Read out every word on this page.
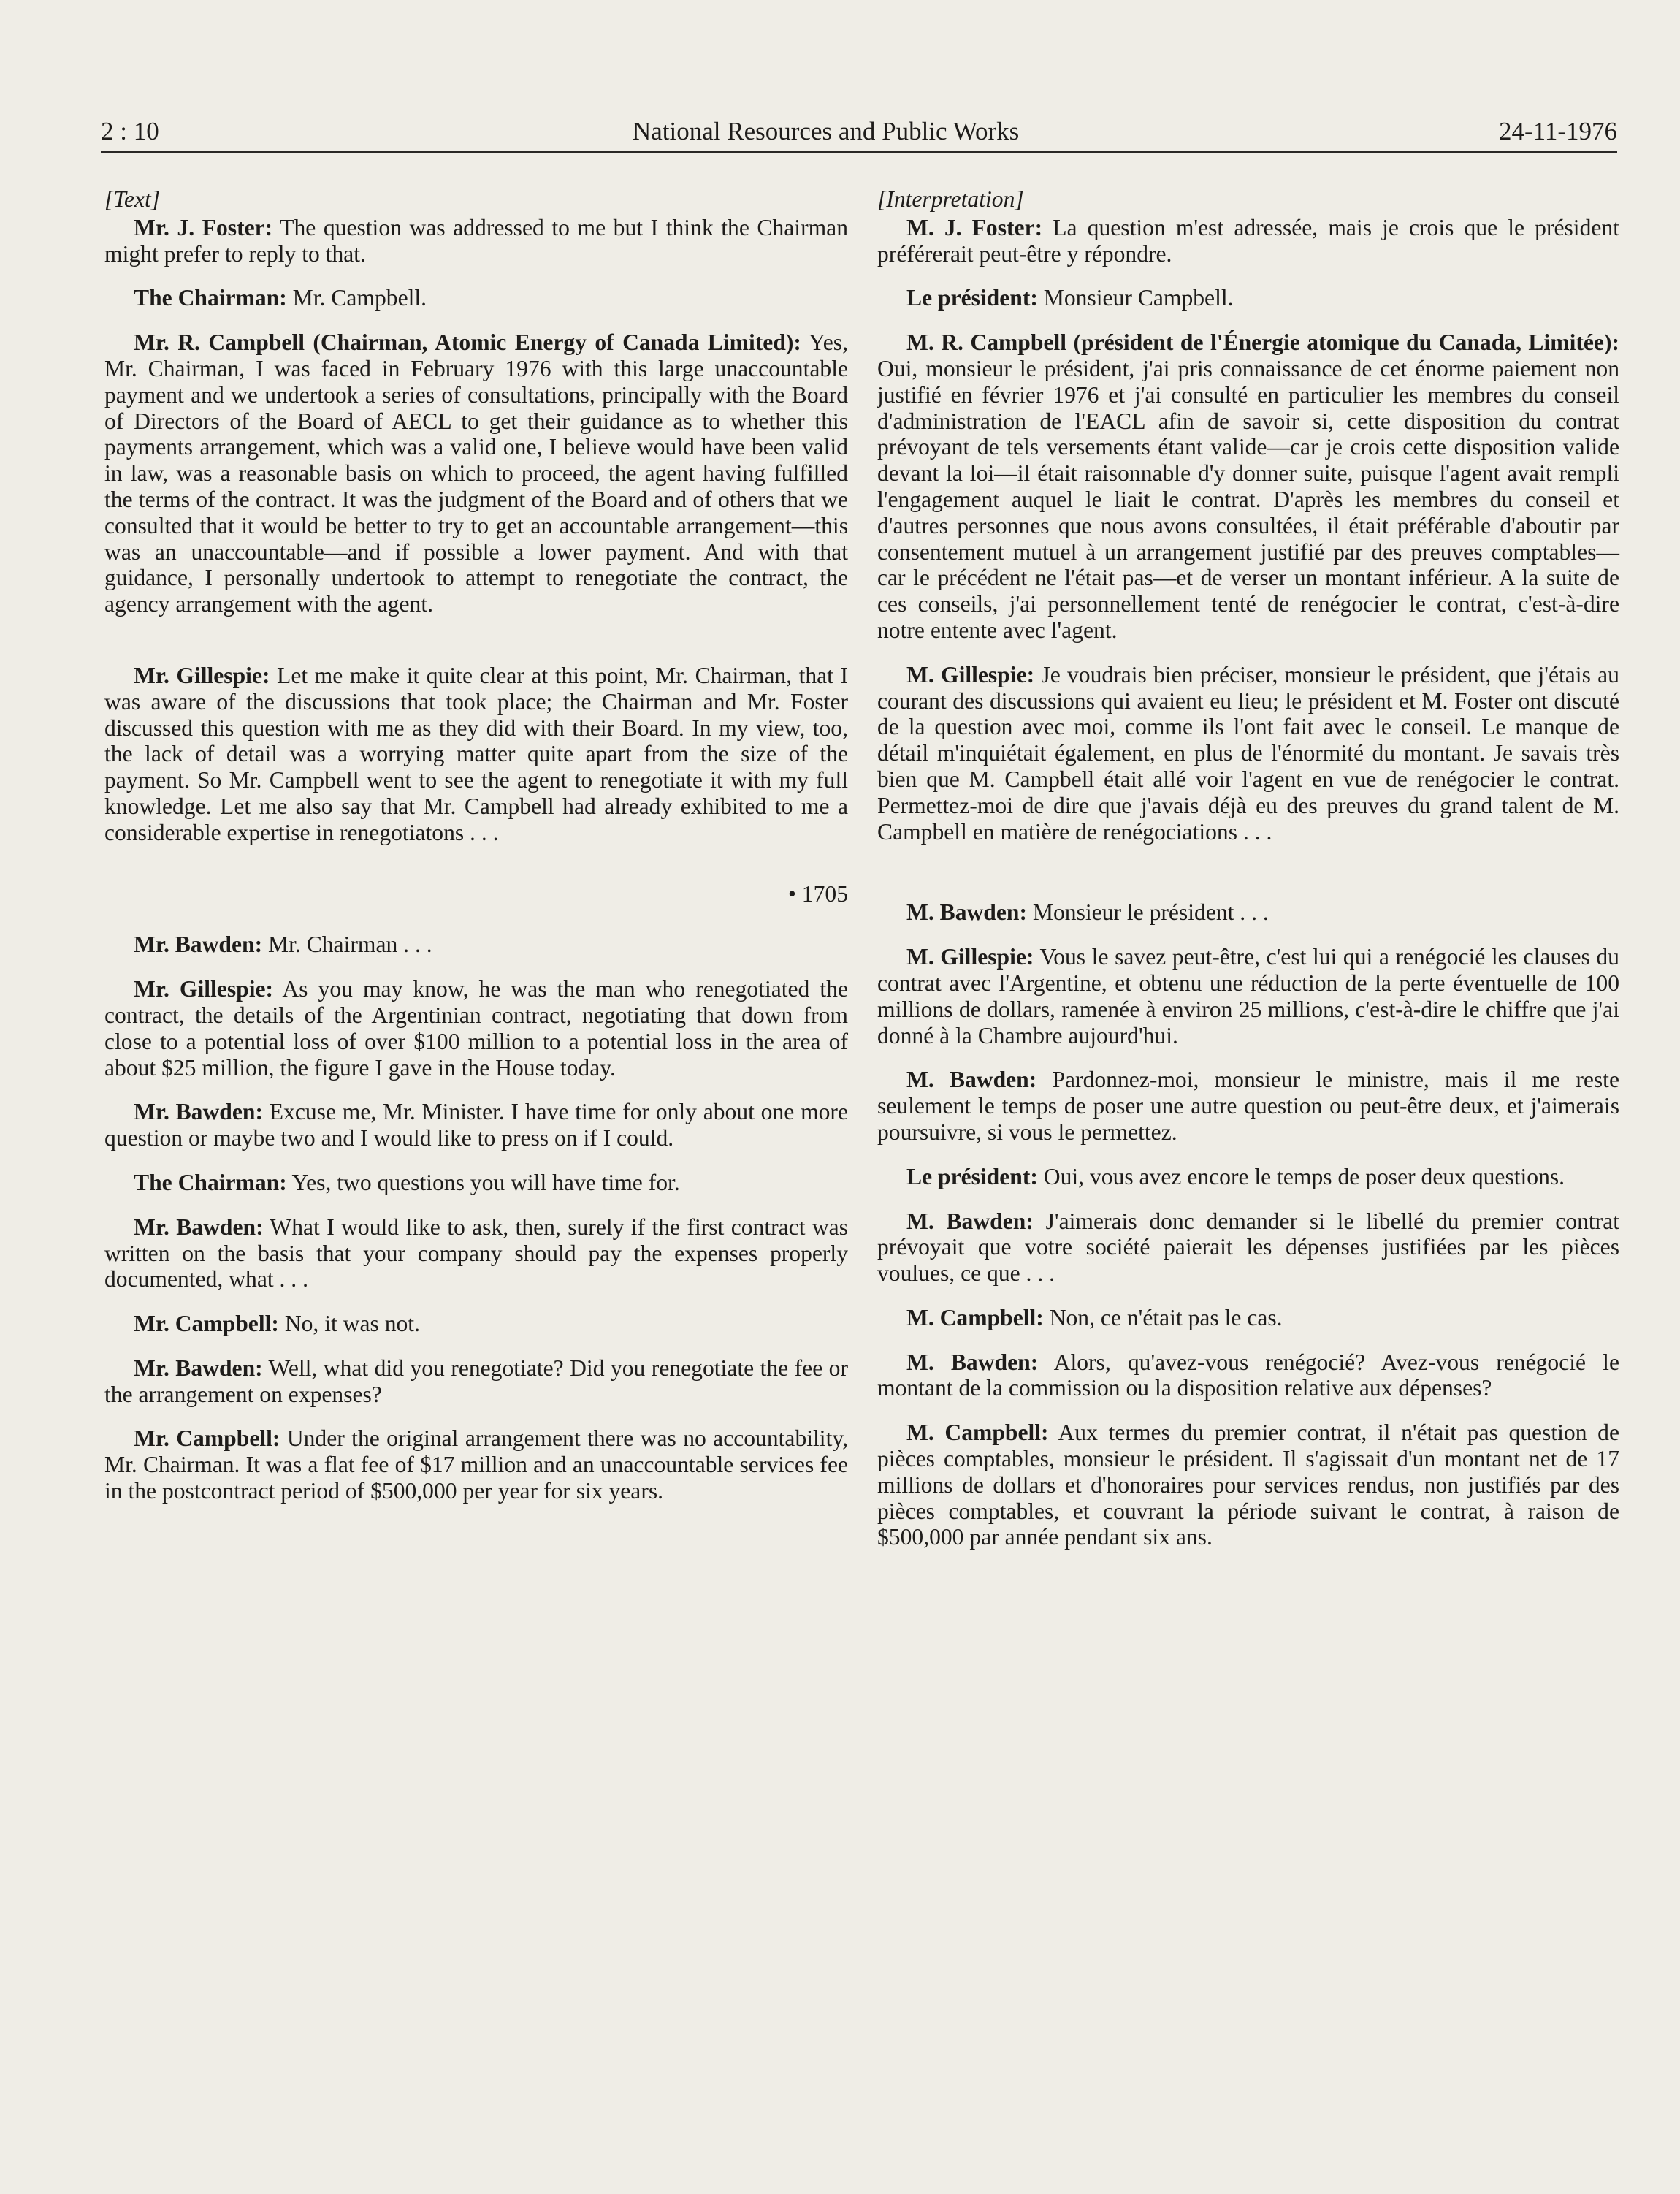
2 : 10	National Resources and Public Works	24-11-1976
[Text]

Mr. J. Foster: The question was addressed to me but I think the Chairman might prefer to reply to that.

The Chairman: Mr. Campbell.

Mr. R. Campbell (Chairman, Atomic Energy of Canada Limited): Yes, Mr. Chairman, I was faced in February 1976 with this large unaccountable payment and we undertook a series of consultations, principally with the Board of Directors of the Board of AECL to get their guidance as to whether this payments arrangement, which was a valid one, I believe would have been valid in law, was a reasonable basis on which to proceed, the agent having fulfilled the terms of the contract. It was the judgment of the Board and of others that we consulted that it would be better to try to get an accountable arrangement—this was an unaccountable—and if possible a lower payment. And with that guidance, I personally undertook to attempt to renegotiate the contract, the agency arrangement with the agent.

Mr. Gillespie: Let me make it quite clear at this point, Mr. Chairman, that I was aware of the discussions that took place; the Chairman and Mr. Foster discussed this question with me as they did with their Board. In my view, too, the lack of detail was a worrying matter quite apart from the size of the payment. So Mr. Campbell went to see the agent to renegotiate it with my full knowledge. Let me also say that Mr. Campbell had already exhibited to me a considerable expertise in renegotiatons . . .

• 1705

Mr. Bawden: Mr. Chairman . . .

Mr. Gillespie: As you may know, he was the man who renegotiated the contract, the details of the Argentinian contract, negotiating that down from close to a potential loss of over $100 million to a potential loss in the area of about $25 million, the figure I gave in the House today.

Mr. Bawden: Excuse me, Mr. Minister. I have time for only about one more question or maybe two and I would like to press on if I could.

The Chairman: Yes, two questions you will have time for.

Mr. Bawden: What I would like to ask, then, surely if the first contract was written on the basis that your company should pay the expenses properly documented, what . . .

Mr. Campbell: No, it was not.

Mr. Bawden: Well, what did you renegotiate? Did you renegotiate the fee or the arrangement on expenses?

Mr. Campbell: Under the original arrangement there was no accountability, Mr. Chairman. It was a flat fee of $17 million and an unaccountable services fee in the postcontract period of $500,000 per year for six years.

[Interpretation]

M. J. Foster: La question m'est adressée, mais je crois que le président préférerait peut-être y répondre.

Le président: Monsieur Campbell.

M. R. Campbell (président de l'Énergie atomique du Canada, Limitée): Oui, monsieur le président, j'ai pris connaissance de cet énorme paiement non justifié en février 1976 et j'ai consulté en particulier les membres du conseil d'administration de l'EACL afin de savoir si, cette disposition du contrat prévoyant de tels versements étant valide—car je crois cette disposition valide devant la loi—il était raisonnable d'y donner suite, puisque l'agent avait rempli l'engagement auquel le liait le contrat. D'après les membres du conseil et d'autres personnes que nous avons consultées, il était préférable d'aboutir par consentement mutuel à un arrangement justifié par des preuves comptables—car le précédent ne l'était pas—et de verser un montant inférieur. A la suite de ces conseils, j'ai personnellement tenté de renégocier le contrat, c'est-à-dire notre entente avec l'agent.

M. Gillespie: Je voudrais bien préciser, monsieur le président, que j'étais au courant des discussions qui avaient eu lieu; le président et M. Foster ont discuté de la question avec moi, comme ils l'ont fait avec le conseil. Le manque de détail m'inquiétait également, en plus de l'énormité du montant. Je savais très bien que M. Campbell était allé voir l'agent en vue de renégocier le contrat. Permettez-moi de dire que j'avais déjà eu des preuves du grand talent de M. Campbell en matière de renégociations . . .

M. Bawden: Monsieur le président . . .

M. Gillespie: Vous le savez peut-être, c'est lui qui a renégocié les clauses du contrat avec l'Argentine, et obtenu une réduction de la perte éventuelle de 100 millions de dollars, ramenée à environ 25 millions, c'est-à-dire le chiffre que j'ai donné à la Chambre aujourd'hui.

M. Bawden: Pardonnez-moi, monsieur le ministre, mais il me reste seulement le temps de poser une autre question ou peut-être deux, et j'aimerais poursuivre, si vous le permettez.

Le président: Oui, vous avez encore le temps de poser deux questions.

M. Bawden: J'aimerais donc demander si le libellé du premier contrat prévoyait que votre société paierait les dépenses justifiées par les pièces voulues, ce que . . .

M. Campbell: Non, ce n'était pas le cas.

M. Bawden: Alors, qu'avez-vous renégocié? Avez-vous renégocié le montant de la commission ou la disposition relative aux dépenses?

M. Campbell: Aux termes du premier contrat, il n'était pas question de pièces comptables, monsieur le président. Il s'agissait d'un montant net de 17 millions de dollars et d'honoraires pour services rendus, non justifiés par des pièces comptables, et couvrant la période suivant le contrat, à raison de $500,000 par année pendant six ans.
